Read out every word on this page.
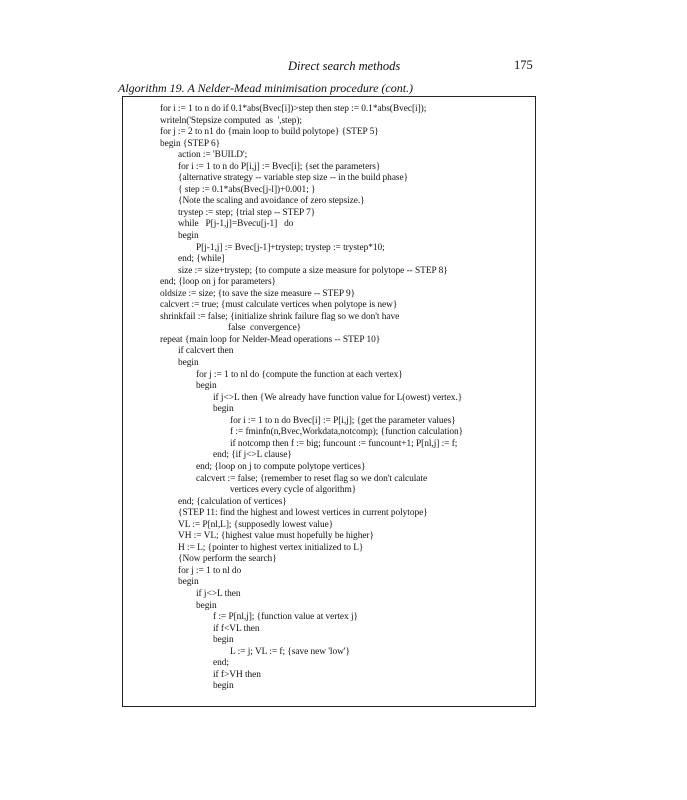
Direct search methods	175
Algorithm 19. A Nelder-Mead minimisation procedure (cont.)
for i := 1 to n do if 0.1*abs(Bvec[i])>step then step := 0.1*abs(Bvec[i]);
writeln('Stepsize computed  as  ',step);
for j := 2 to n1 do {main loop to build polytope} {STEP 5}
begin {STEP 6}
action := 'BUILD';
for i := 1 to n do P[i,j] := Bvec[i]; {set the parameters}
{alternative strategy -- variable step size -- in the build phase}
{ step := 0.1*abs(Bvec[j-l])+0.001; }
{Note the scaling and avoidance of zero stepsize.}
trystep := step; {trial step -- STEP 7}
while   P[j-1,j]=Bvecu[j-1]   do
begin
P[j-1,j] := Bvec[j-1]+trystep; trystep := trystep*10;
end; {while]
size := size+trystep; {to compute a size measure for polytope -- STEP 8}
end; {loop on j for parameters}
oldsize := size; {to save the size measure -- STEP 9}
calcvert := true; {must calculate vertices when polytope is new}
shrinkfail := false; {initialize shrink failure flag so we don't have
false  convergence}
repeat {main loop for Nelder-Mead operations -- STEP 10}
if calcvert then
begin
for j := 1 to nl do {compute the function at each vertex}
begin
if j<>L then {We already have function value for L(owest) vertex.}
begin
for i := 1 to n do Bvec[i] := P[i,j]; {get the parameter values}
f := fminfn(n,Bvec,Workdata,notcomp); {function calculation}
if notcomp then f := big; funcount := funcount+1; P[nl,j] := f;
end; {if j<>L clause}
end; {loop on j to compute polytope vertices}
calcvert := false; {remember to reset flag so we don't calculate
vertices every cycle of algorithm}
end; {calculation of vertices}
{STEP 11: find the highest and lowest vertices in current polytope}
VL := P[nl,L]; {supposedly lowest value}
VH := VL; {highest value must hopefully be higher}
H := L; {pointer to highest vertex initialized to L}
{Now perform the search}
for j := 1 to nl do
begin
if j<>L then
begin
f := P[nl,j]; {function value at vertex j}
if f<VL then
begin
L := j; VL := f; {save new 'low'}
end;
if f>VH then
begin
